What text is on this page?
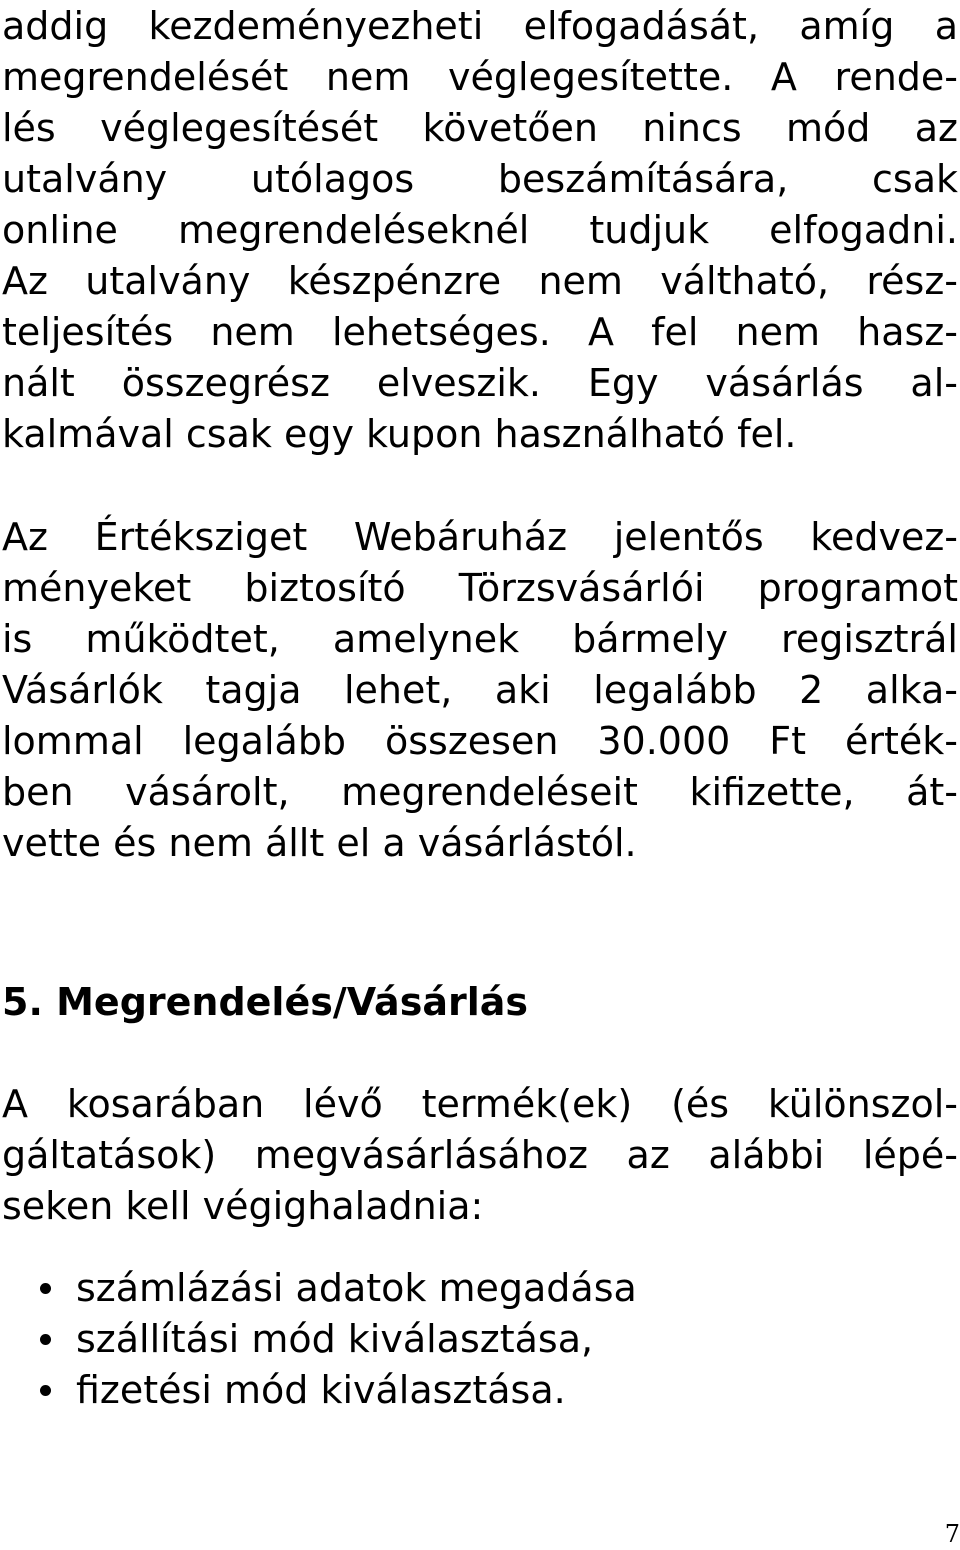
addig kezdeményezheti elfogadását, amíg a
megrendelését nem véglegesítette. A rende-
lés véglegesítését követően nincs mód az
utalvány utólagos beszámítására, csak
online megrendeléseknél tudjuk elfogadni.
Az utalvány készpénzre nem váltható, rész-
teljesítés nem lehetséges. A fel nem hasz-
nált összegrész elveszik. Egy vásárlás al-
kalmával csak egy kupon használható fel.
Az Értéksziget Webáruház jelentős kedvez-
ményeket biztosító Törzsvásárlói programot
is működtet, amelynek bármely regisztrál
Vásárlók tagja lehet, aki legalább 2 alka-
lommal legalább összesen 30.000 Ft érték-
ben vásárolt, megrendeléseit kifizette, át-
vette és nem állt el a vásárlástól.
5. Megrendelés/Vásárlás
A kosarában lévő termék(ek) (és különszol-
gáltatások) megvásárlásához az alábbi lépé-
seken kell végighaladnia:
számlázási adatok megadása
szállítási mód kiválasztása,
fizetési mód kiválasztása.
7
